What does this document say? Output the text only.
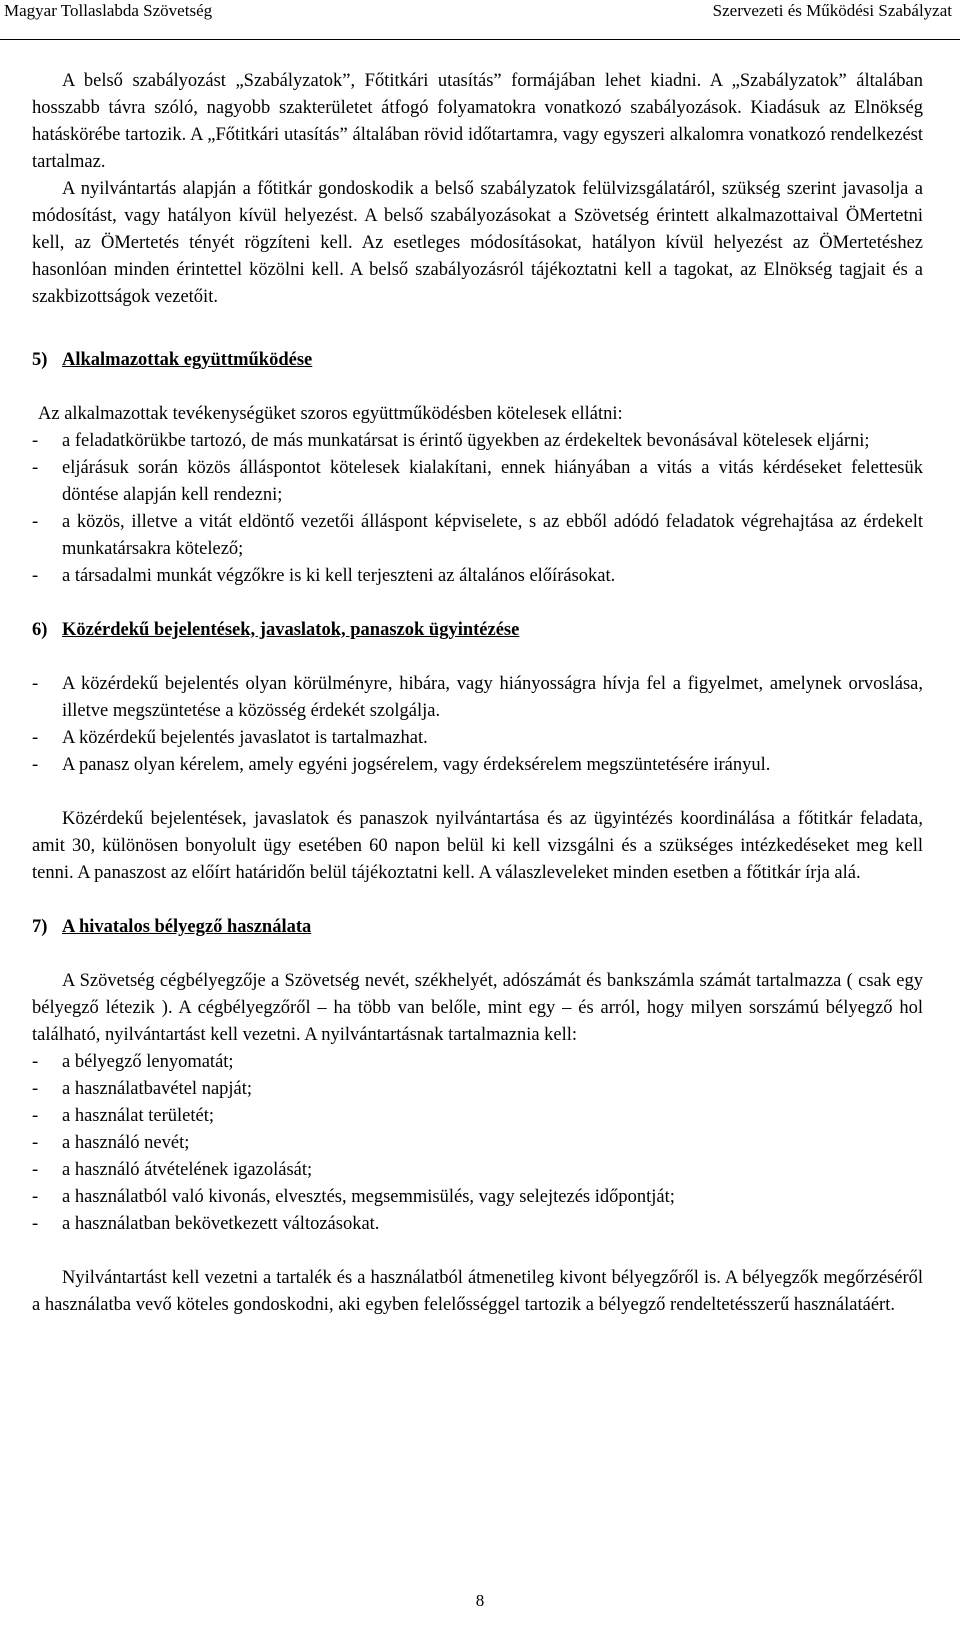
Magyar Tollaslabda Szövetség	Szervezeti és Működési Szabályzat

A belső szabályozást „Szabályzatok”, Főtitkári utasítás” formájában lehet kiadni. A „Szabályzatok” általában hosszabb távra szóló, nagyobb szakterületet átfogó folyamatokra vonatkozó szabályozások. Kiadásuk az Elnökség hatáskörébe tartozik. A „Főtitkári utasítás” általában rövid időtartamra, vagy egyszeri alkalomra vonatkozó rendelkezést tartalmaz.

A nyilvántartás alapján a főtitkár gondoskodik a belső szabályzatok felülvizsgálatáról, szükség szerint javasolja a módosítást, vagy hatályon kívül helyezést. A belső szabályozásokat a Szövetség érintett alkalmazottaival ÖMertetni kell, az ÖMertetés tényét rögzíteni kell. Az esetleges módosításokat, hatályon kívül helyezést az ÖMertetéshez hasonlóan minden érintettel közölni kell. A belső szabályozásról tájékoztatni kell a tagokat, az Elnökség tagjait és a szakbizottságok vezetőit.

5) Alkalmazottak együttműködése

Az alkalmazottak tevékenységüket szoros együttműködésben kötelesek ellátni:

- a feladatkörükbe tartozó, de más munkatársat is érintő ügyekben az érdekeltek bevonásával kötelesek eljárni;
- eljárásuk során közös álláspontot kötelesek kialakítani, ennek hiányában a vitás a vitás kérdéseket felettesük döntése alapján kell rendezni;
- a közös, illetve a vitát eldöntő vezetői álláspont képviselete, s az ebből adódó feladatok végrehajtása az érdekelt munkatársakra kötelező;
- a társadalmi munkát végzőkre is ki kell terjeszteni az általános előírásokat.
6) Közérdekű bejelentések, javaslatok, panaszok ügyintézése
- A közérdekű bejelentés olyan körülményre, hibára, vagy hiányosságra hívja fel a figyelmet, amelynek orvoslása, illetve megszüntetése a közösség érdekét szolgálja.
- A közérdekű bejelentés javaslatot is tartalmazhat.
- A panasz olyan kérelem, amely egyéni jogsérelem, vagy érdeksérelem megszüntetésére irányul.

Közérdekű bejelentések, javaslatok és panaszok nyilvántartása és az ügyintézés koordinálása a főtitkár feladata, amit 30, különösen bonyolult ügy esetében 60 napon belül ki kell vizsgálni és a szükséges intézkedéseket meg kell tenni. A panaszost az előírt határidőn belül tájékoztatni kell. A válaszleveleket minden esetben a főtitkár írja alá.

7) A hivatalos bélyegző használata

A Szövetség cégbélyegzője a Szövetség nevét, székhelyét, adószámát és bankszámla számát tartalmazza ( csak egy bélyegző létezik ). A cégbélyegzőről – ha több van belőle, mint egy – és arról, hogy milyen sorszámú bélyegző hol található, nyilvántartást kell vezetni. A nyilvántartásnak tartalmaznia kell:

- a bélyegző lenyomatát;
- a használatbavétel napját;
- a használat területét;
- a használó nevét;
- a használó átvételének igazolását;
- a használatból való kivonás, elvesztés, megsemmisülés, vagy selejtezés időpontját;
- a használatban bekövetkezett változásokat.

Nyilvántartást kell vezetni a tartalék és a használatból átmenetileg kivont bélyegzőről is. A bélyegzők megőrzéséről a használatba vevő köteles gondoskodni, aki egyben felelősséggel tartozik a bélyegző rendeltetésszerű használatáért.

8
